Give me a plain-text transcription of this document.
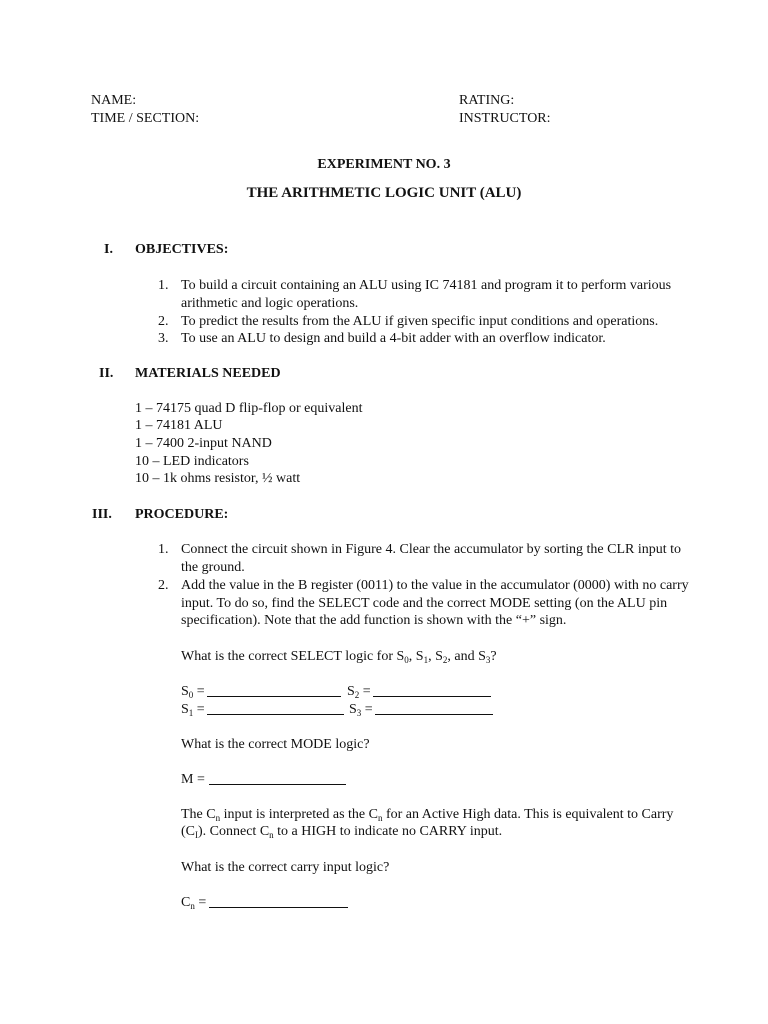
NAME:
TIME / SECTION:
RATING:
INSTRUCTOR:
EXPERIMENT NO. 3
THE ARITHMETIC LOGIC UNIT (ALU)
I. OBJECTIVES:
1. To build a circuit containing an ALU using IC 74181 and program it to perform various
arithmetic and logic operations.
2. To predict the results from the ALU if given specific input conditions and operations.
3. To use an ALU to design and build a 4-bit adder with an overflow indicator.
II. MATERIALS NEEDED
1 – 74175 quad D flip-flop or equivalent
1 – 74181 ALU
1 – 7400 2-input NAND
10 – LED indicators
10 – 1k ohms resistor, ½ watt
III. PROCEDURE:
1. Connect the circuit shown in Figure 4. Clear the accumulator by sorting the CLR input to
the ground.
2. Add the value in the B register (0011) to the value in the accumulator (0000) with no carry
input. To do so, find the SELECT code and the correct MODE setting (on the ALU pin
specification). Note that the add function is shown with the “+” sign.
What is the correct SELECT logic for $S_0$, $S_1$, $S_2$, and $S_3$?
$S_0$ =	$S_2$ =
$S_1$ =	$S_3$ =
What is the correct MODE logic?
M =
The $C_n$ input is interpreted as the $C_n$ for an Active High data. This is equivalent to Carry
$(C_I)$. Connect $C_n$ to a HIGH to indicate no CARRY input.
What is the correct carry input logic?
$C_n$ =
